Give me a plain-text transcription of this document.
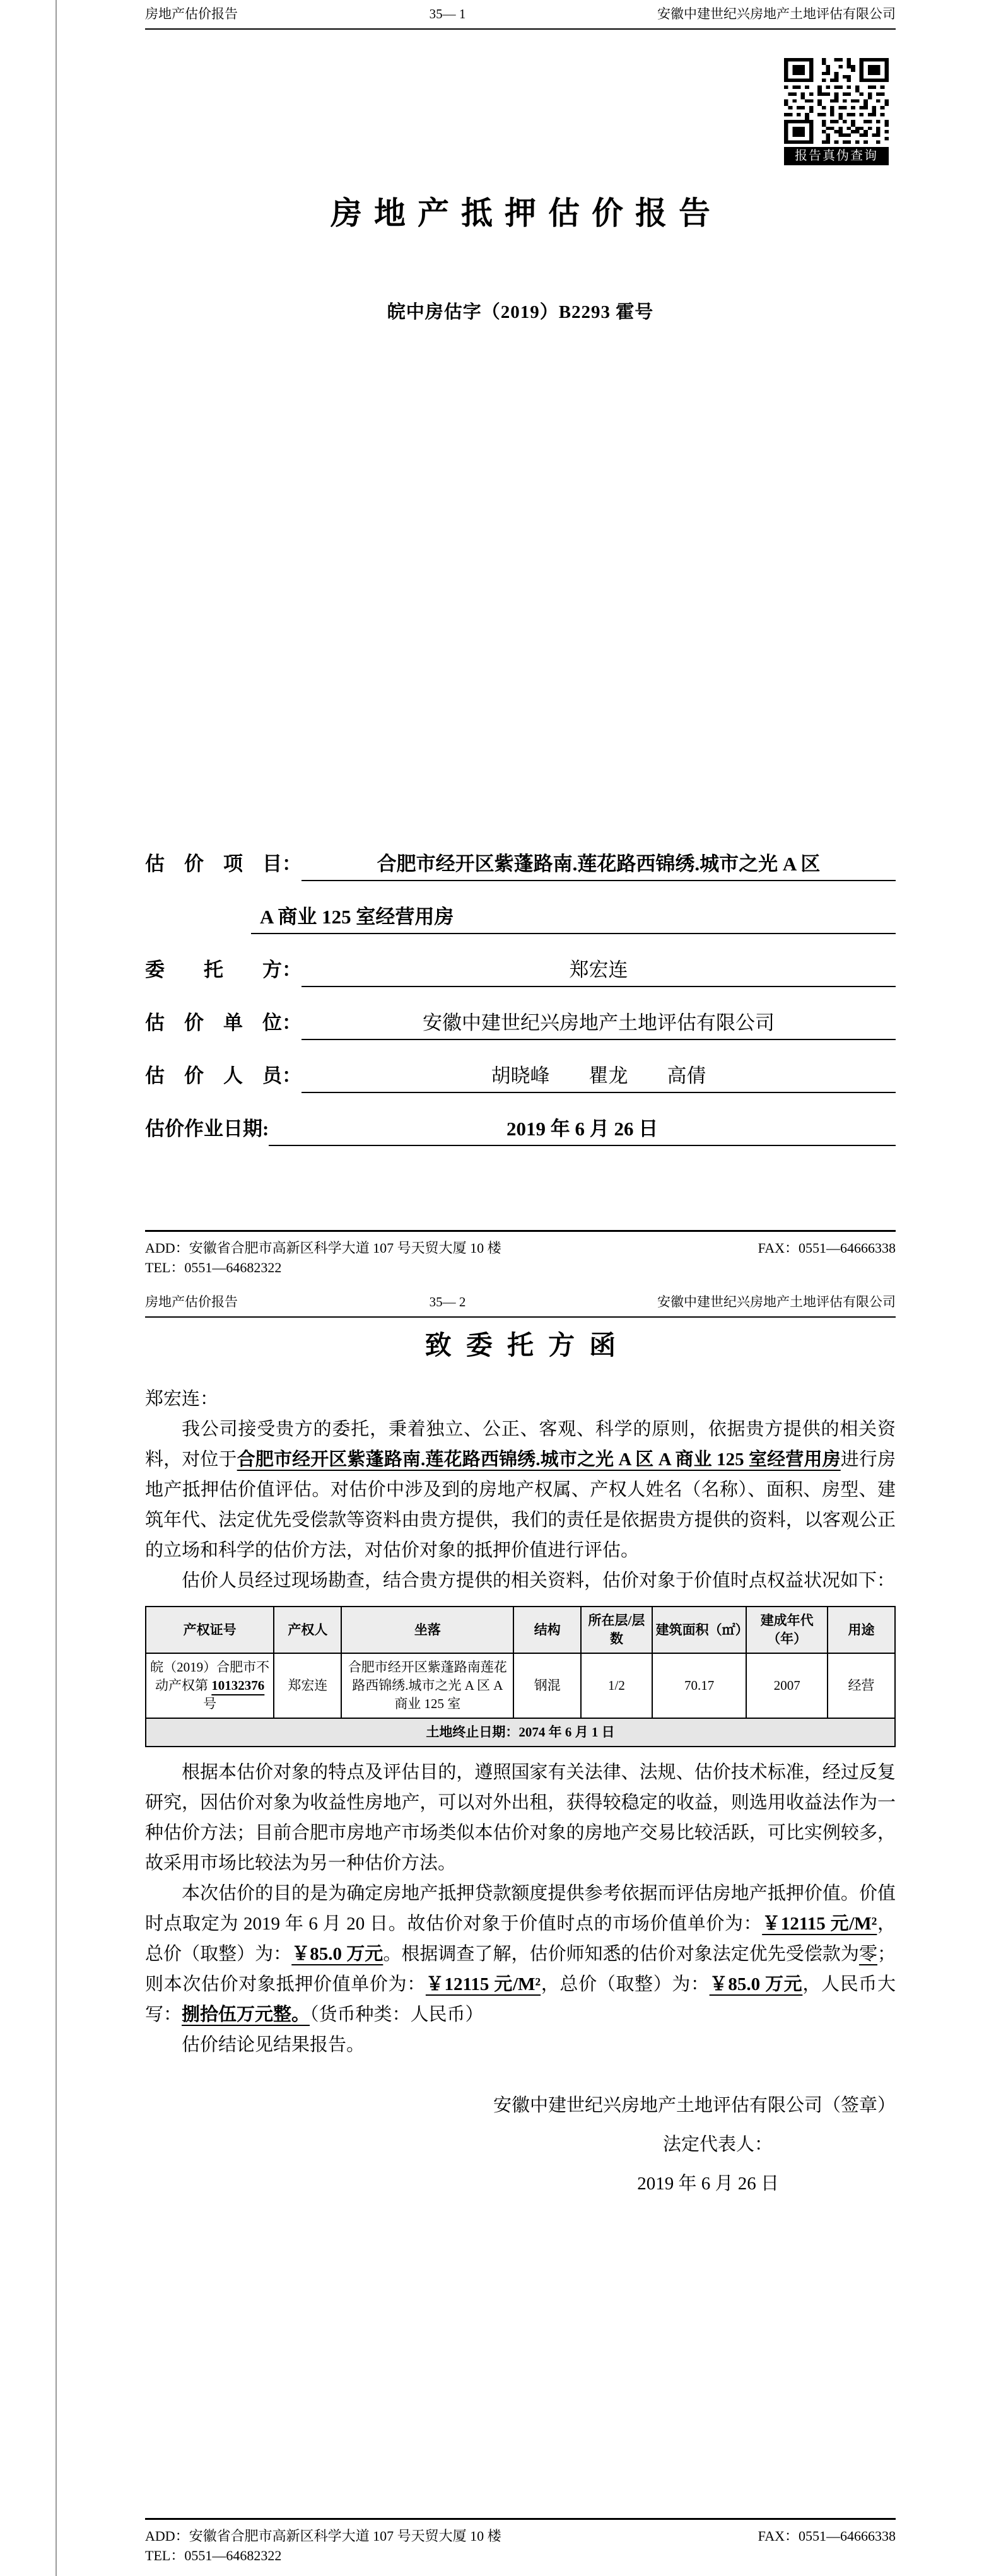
房地产估价报告	35— 1	安徽中建世纪兴房地产土地评估有限公司
报告真伪查询
房地产抵押估价报告
皖中房估字（2019）B2293 霍号
估　价　项　目：	合肥市经开区紫蓬路南.莲花路西锦绣.城市之光 A 区
A 商业 125 室经营用房
委　　托　　方：	郑宏连
估　价　单　位：	安徽中建世纪兴房地产土地评估有限公司
估　价　人　员：	胡晓峰　　瞿龙　　高倩
估价作业日期:	2019 年 6 月 26 日
ADD：安徽省合肥市高新区科学大道 107 号天贸大厦 10 楼	FAX：0551—64666338
TEL：0551—64682322
房地产估价报告	35— 2	安徽中建世纪兴房地产土地评估有限公司
致委托方函
郑宏连：

我公司接受贵方的委托，秉着独立、公正、客观、科学的原则，依据贵方提供的相关资料，对位于合肥市经开区紫蓬路南.莲花路西锦绣.城市之光 A 区 A 商业 125 室经营用房进行房地产抵押估价值评估。对估价中涉及到的房地产权属、产权人姓名（名称）、面积、房型、建筑年代、法定优先受偿款等资料由贵方提供，我们的责任是依据贵方提供的资料，以客观公正的立场和科学的估价方法，对估价对象的抵押价值进行评估。

估价人员经过现场勘查，结合贵方提供的相关资料，估价对象于价值时点权益状况如下：

产权证号	产权人	坐落	结构	所在层/层数	建筑面积（㎡）	建成年代（年）	用途
皖（2019）合肥市不动产权第 10132376 号	郑宏连	合肥市经开区紫蓬路南莲花路西锦绣.城市之光 A 区 A 商业 125 室	钢混	1/2	70.17	2007	经营
土地终止日期：2074 年 6 月 1 日							

根据本估价对象的特点及评估目的，遵照国家有关法律、法规、估价技术标准，经过反复研究，因估价对象为收益性房地产，可以对外出租，获得较稳定的收益，则选用收益法作为一种估价方法；目前合肥市房地产市场类似本估价对象的房地产交易比较活跃，可比实例较多，故采用市场比较法为另一种估价方法。

本次估价的目的是为确定房地产抵押贷款额度提供参考依据而评估房地产抵押价值。价值时点取定为 2019 年 6 月 20 日。故估价对象于价值时点的市场价值单价为：￥12115 元/M²，总价（取整）为：￥85.0 万元。根据调查了解，估价师知悉的估价对象法定优先受偿款为零；则本次估价对象抵押价值单价为：￥12115 元/M²，总价（取整）为：￥85.0 万元，人民币大写：捌拾伍万元整。（货币种类：人民币）

估价结论见结果报告。

安徽中建世纪兴房地产土地评估有限公司（签章）
法定代表人：
2019 年 6 月 26 日
ADD：安徽省合肥市高新区科学大道 107 号天贸大厦 10 楼	FAX：0551—64666338
TEL：0551—64682322
